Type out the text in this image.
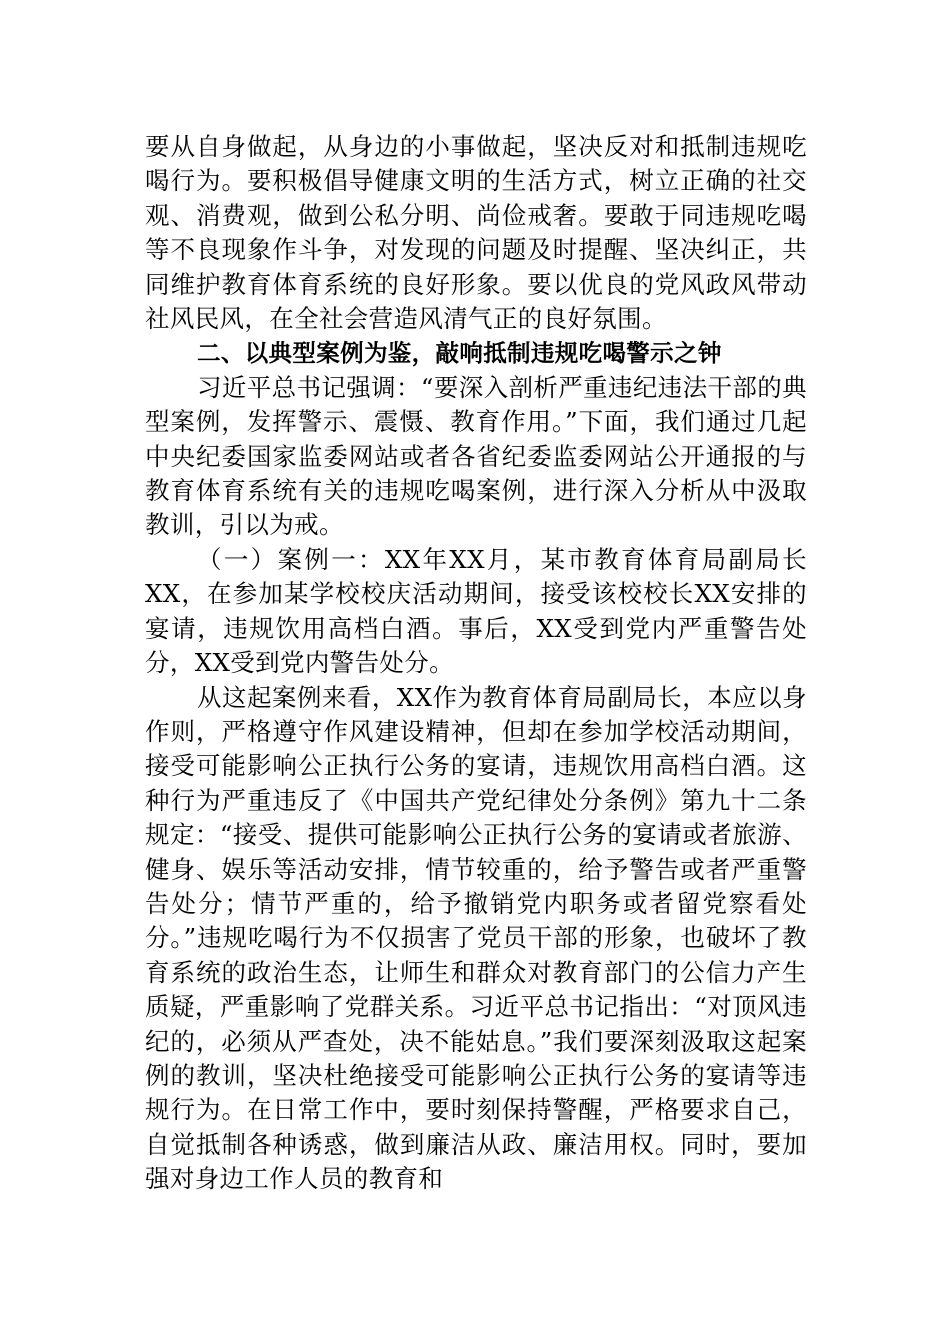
要从自身做起，从身边的小事做起，坚决反对和抵制违规吃喝行为。要积极倡导健康文明的生活方式，树立正确的社交观、消费观，做到公私分明、尚俭戒奢。要敢于同违规吃喝等不良现象作斗争，对发现的问题及时提醒、坚决纠正，共同维护教育体育系统的良好形象。要以优良的党风政风带动社风民风，在全社会营造风清气正的良好氛围。

二、以典型案例为鉴，敲响抵制违规吃喝警示之钟

习近平总书记强调：“要深入剖析严重违纪违法干部的典型案例，发挥警示、震慑、教育作用。”下面，我们通过几起中央纪委国家监委网站或者各省纪委监委网站公开通报的与教育体育系统有关的违规吃喝案例，进行深入分析从中汲取教训，引以为戒。

（一）案例一：XX年XX月，某市教育体育局副局长XX，在参加某学校校庆活动期间，接受该校校长XX安排的宴请，违规饮用高档白酒。事后，XX受到党内严重警告处分，XX受到党内警告处分。

从这起案例来看，XX作为教育体育局副局长，本应以身作则，严格遵守作风建设精神，但却在参加学校活动期间，接受可能影响公正执行公务的宴请，违规饮用高档白酒。这种行为严重违反了《中国共产党纪律处分条例》第九十二条规定：“接受、提供可能影响公正执行公务的宴请或者旅游、健身、娱乐等活动安排，情节较重的，给予警告或者严重警告处分；情节严重的，给予撤销党内职务或者留党察看处分。”违规吃喝行为不仅损害了党员干部的形象，也破坏了教育系统的政治生态，让师生和群众对教育部门的公信力产生质疑，严重影响了党群关系。习近平总书记指出：“对顶风违纪的，必须从严查处，决不能姑息。”我们要深刻汲取这起案例的教训，坚决杜绝接受可能影响公正执行公务的宴请等违规行为。在日常工作中，要时刻保持警醒，严格要求自己，自觉抵制各种诱惑，做到廉洁从政、廉洁用权。同时，要加强对身边工作人员的教育和
